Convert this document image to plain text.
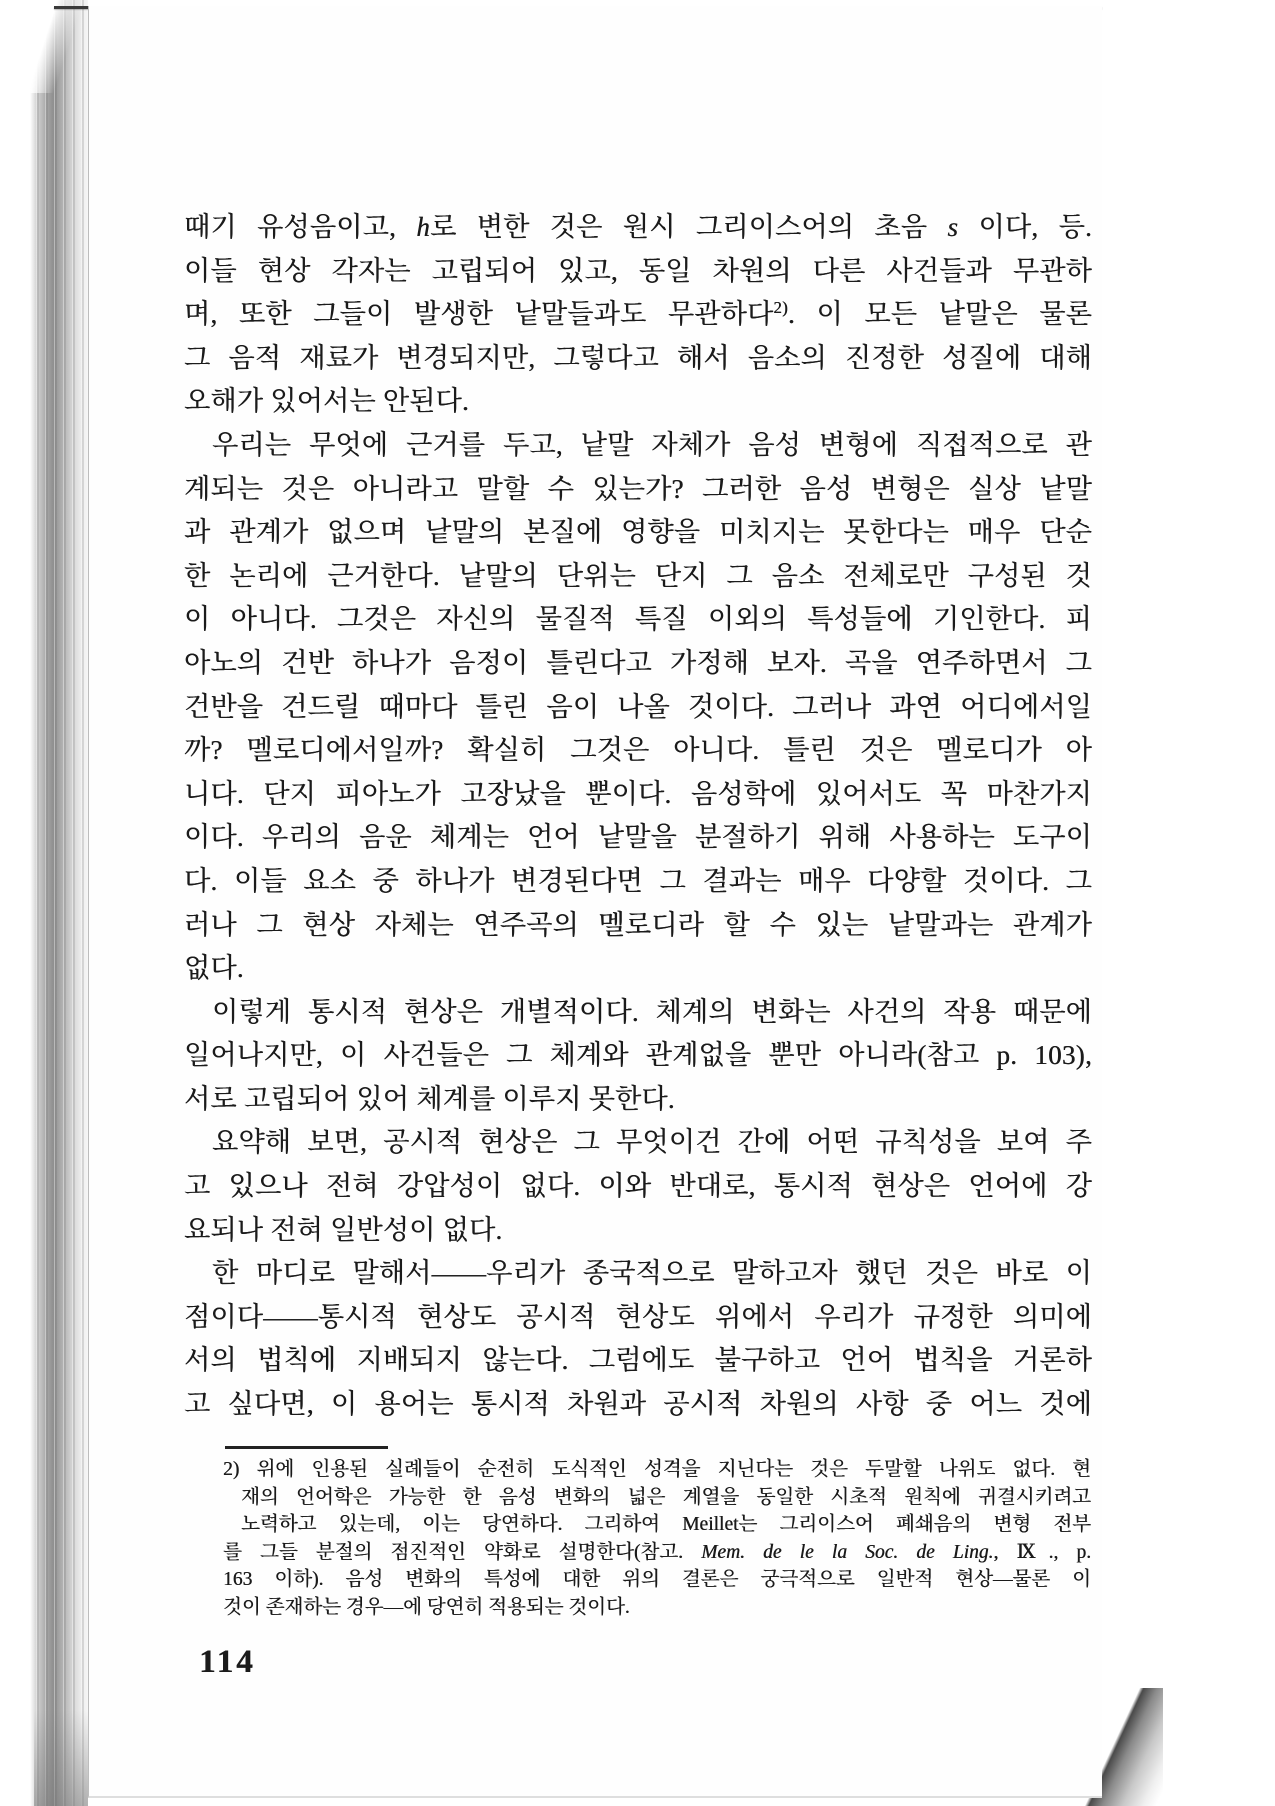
때기 유성음이고, h로 변한 것은 원시 그리이스어의 초음 s 이다, 등.
이들 현상 각자는 고립되어 있고, 동일 차원의 다른 사건들과 무관하
며, 또한 그들이 발생한 낱말들과도 무관하다$^{2)}$. 이 모든 낱말은 물론
그 음적 재료가 변경되지만, 그렇다고 해서 음소의 진정한 성질에 대해
오해가 있어서는 안된다.
우리는 무엇에 근거를 두고, 낱말 자체가 음성 변형에 직접적으로 관
계되는 것은 아니라고 말할 수 있는가? 그러한 음성 변형은 실상 낱말
과 관계가 없으며 낱말의 본질에 영향을 미치지는 못한다는 매우 단순
한 논리에 근거한다. 낱말의 단위는 단지 그 음소 전체로만 구성된 것
이 아니다. 그것은 자신의 물질적 특질 이외의 특성들에 기인한다. 피
아노의 건반 하나가 음정이 틀린다고 가정해 보자. 곡을 연주하면서 그
건반을 건드릴 때마다 틀린 음이 나올 것이다. 그러나 과연 어디에서일
까? 멜로디에서일까? 확실히 그것은 아니다. 틀린 것은 멜로디가 아
니다. 단지 피아노가 고장났을 뿐이다. 음성학에 있어서도 꼭 마찬가지
이다. 우리의 음운 체계는 언어 낱말을 분절하기 위해 사용하는 도구이
다. 이들 요소 중 하나가 변경된다면 그 결과는 매우 다양할 것이다. 그
러나 그 현상 자체는 연주곡의 멜로디라 할 수 있는 낱말과는 관계가
없다.
이렇게 통시적 현상은 개별적이다. 체계의 변화는 사건의 작용 때문에
일어나지만, 이 사건들은 그 체계와 관계없을 뿐만 아니라(참고 p. 103),
서로 고립되어 있어 체계를 이루지 못한다.
요약해 보면, 공시적 현상은 그 무엇이건 간에 어떤 규칙성을 보여 주
고 있으나 전혀 강압성이 없다. 이와 반대로, 통시적 현상은 언어에 강
요되나 전혀 일반성이 없다.
한 마디로 말해서——우리가 종국적으로 말하고자 했던 것은 바로 이
점이다——통시적 현상도 공시적 현상도 위에서 우리가 규정한 의미에
서의 법칙에 지배되지 않는다. 그럼에도 불구하고 언어 법칙을 거론하
고 싶다면, 이 용어는 통시적 차원과 공시적 차원의 사항 중 어느 것에
2) 위에 인용된 실례들이 순전히 도식적인 성격을 지닌다는 것은 두말할 나위도 없다. 현
재의 언어학은 가능한 한 음성 변화의 넓은 계열을 동일한 시초적 원칙에 귀결시키려고
노력하고 있는데, 이는 당연하다. 그리하여 Meillet는 그리이스어 폐쇄음의 변형 전부
를 그들 분절의 점진적인 약화로 설명한다(참고. Mem. de le la Soc. de Ling., Ⅸ., p.
163 이하). 음성 변화의 특성에 대한 위의 결론은 궁극적으로 일반적 현상—물론 이
것이 존재하는 경우—에 당연히 적용되는 것이다.
114
